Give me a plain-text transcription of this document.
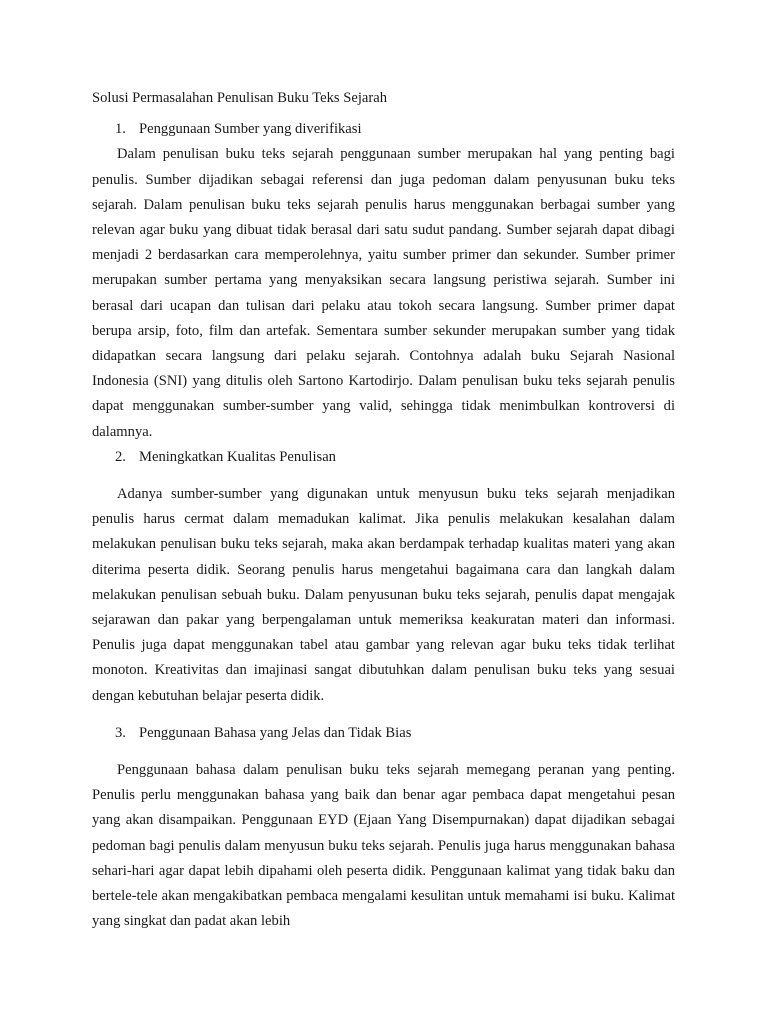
Solusi Permasalahan Penulisan Buku Teks Sejarah

1. Penggunaan Sumber yang diverifikasi

Dalam penulisan buku teks sejarah penggunaan sumber merupakan hal yang penting bagi penulis. Sumber dijadikan sebagai referensi dan juga pedoman dalam penyusunan buku teks sejarah. Dalam penulisan buku teks sejarah penulis harus menggunakan berbagai sumber yang relevan agar buku yang dibuat tidak berasal dari satu sudut pandang. Sumber sejarah dapat dibagi menjadi 2 berdasarkan cara memperolehnya, yaitu sumber primer dan sekunder. Sumber primer merupakan sumber pertama yang menyaksikan secara langsung peristiwa sejarah. Sumber ini berasal dari ucapan dan tulisan dari pelaku atau tokoh secara langsung. Sumber primer dapat berupa arsip, foto, film dan artefak. Sementara sumber sekunder merupakan sumber yang tidak didapatkan secara langsung dari pelaku sejarah. Contohnya adalah buku Sejarah Nasional Indonesia (SNI) yang ditulis oleh Sartono Kartodirjo. Dalam penulisan buku teks sejarah penulis dapat menggunakan sumber-sumber yang valid, sehingga tidak menimbulkan kontroversi di dalamnya.

2. Meningkatkan Kualitas Penulisan

Adanya sumber-sumber yang digunakan untuk menyusun buku teks sejarah menjadikan penulis harus cermat dalam memadukan kalimat. Jika penulis melakukan kesalahan dalam melakukan penulisan buku teks sejarah, maka akan berdampak terhadap kualitas materi yang akan diterima peserta didik. Seorang penulis harus mengetahui bagaimana cara dan langkah dalam melakukan penulisan sebuah buku. Dalam penyusunan buku teks sejarah, penulis dapat mengajak sejarawan dan pakar yang berpengalaman untuk memeriksa keakuratan materi dan informasi. Penulis juga dapat menggunakan tabel atau gambar yang relevan agar buku teks tidak terlihat monoton. Kreativitas dan imajinasi sangat dibutuhkan dalam penulisan buku teks yang sesuai dengan kebutuhan belajar peserta didik.

3. Penggunaan Bahasa yang Jelas dan Tidak Bias

Penggunaan bahasa dalam penulisan buku teks sejarah memegang peranan yang penting. Penulis perlu menggunakan bahasa yang baik dan benar agar pembaca dapat mengetahui pesan yang akan disampaikan. Penggunaan EYD (Ejaan Yang Disempurnakan) dapat dijadikan sebagai pedoman bagi penulis dalam menyusun buku teks sejarah. Penulis juga harus menggunakan bahasa sehari-hari agar dapat lebih dipahami oleh peserta didik. Penggunaan kalimat yang tidak baku dan bertele-tele akan mengakibatkan pembaca mengalami kesulitan untuk memahami isi buku. Kalimat yang singkat dan padat akan lebih
